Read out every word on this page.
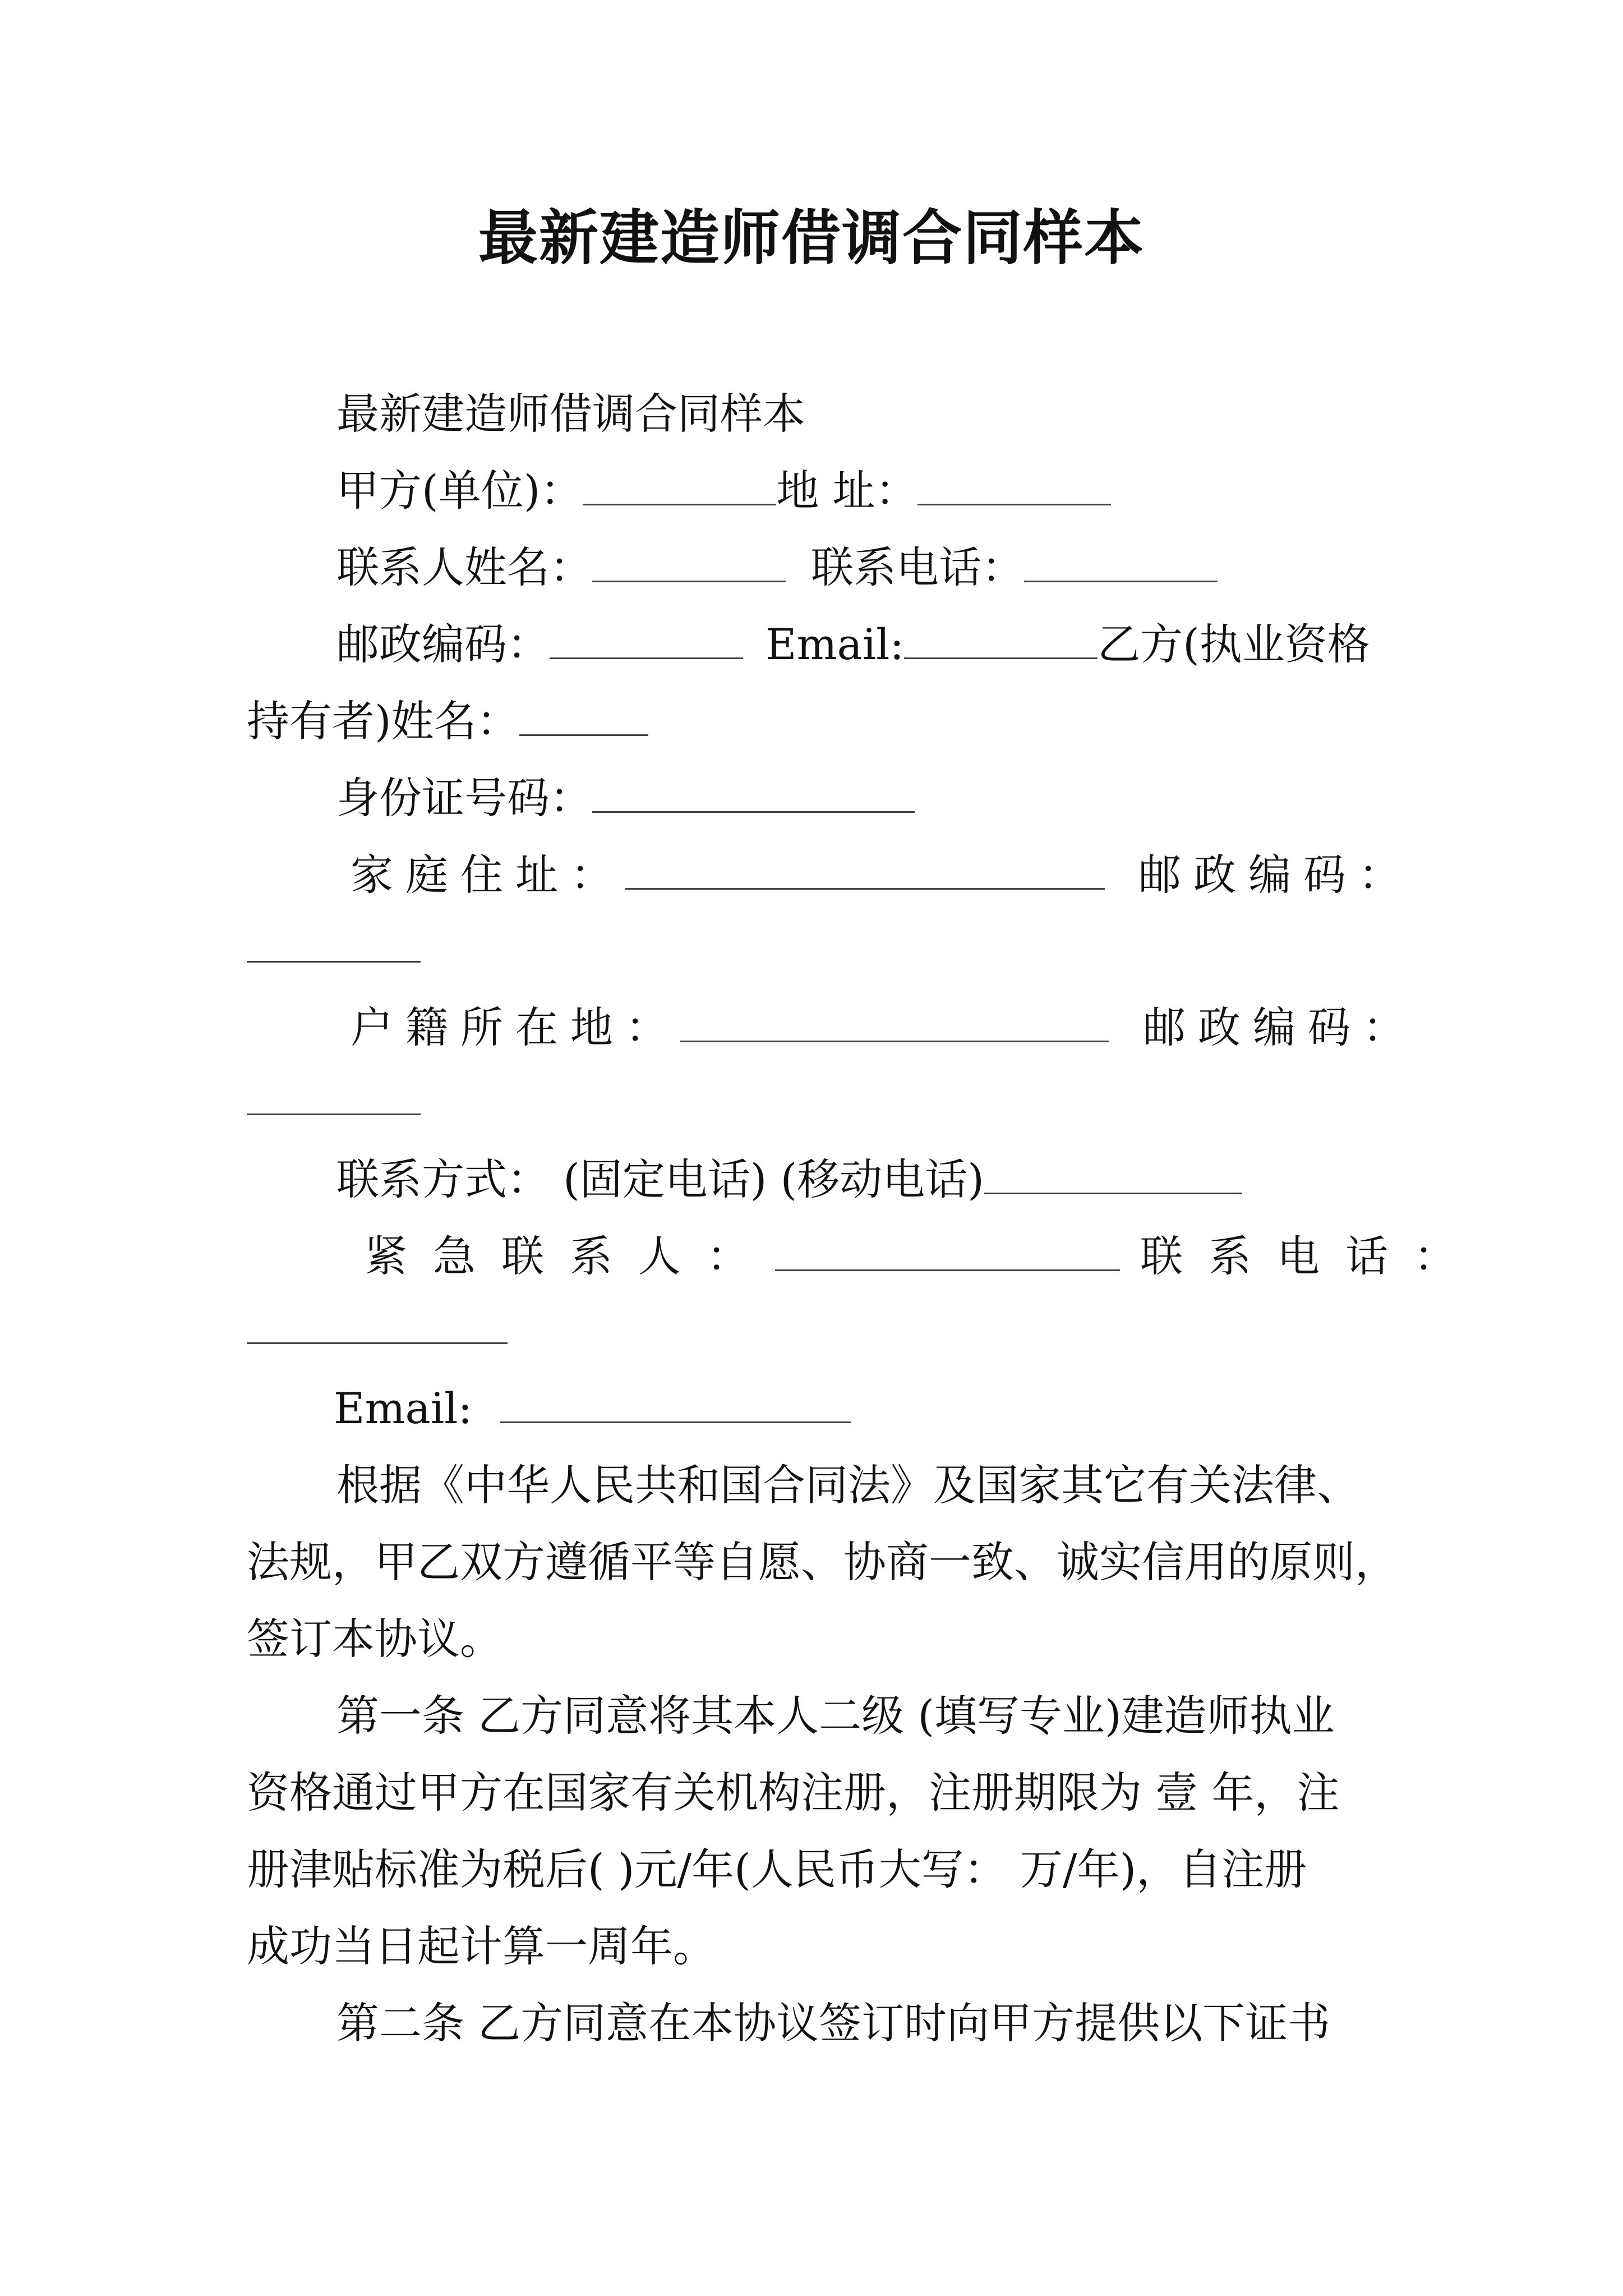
最新建造师借调合同样本
最新建造师借调合同样本
甲方(单位)：	地 址：
联系人姓名：	联系电话：
邮政编码：	Email:	乙方(执业资格
持有者)姓名：
身份证号码：
家庭住址：	邮政编码：
户籍所在地：	邮政编码：
联系方式： (固定电话) (移动电话)
紧急联系人：	联系电话：
Email:
根据《中华人民共和国合同法》及国家其它有关法律、
法规，甲乙双方遵循平等自愿、协商一致、诚实信用的原则，
签订本协议。
第一条 乙方同意将其本人二级 (填写专业)建造师执业
资格通过甲方在国家有关机构注册，注册期限为 壹 年，注
册津贴标准为税后( )元/年(人民币大写： 万/年)，自注册
成功当日起计算一周年。
第二条 乙方同意在本协议签订时向甲方提供以下证书
